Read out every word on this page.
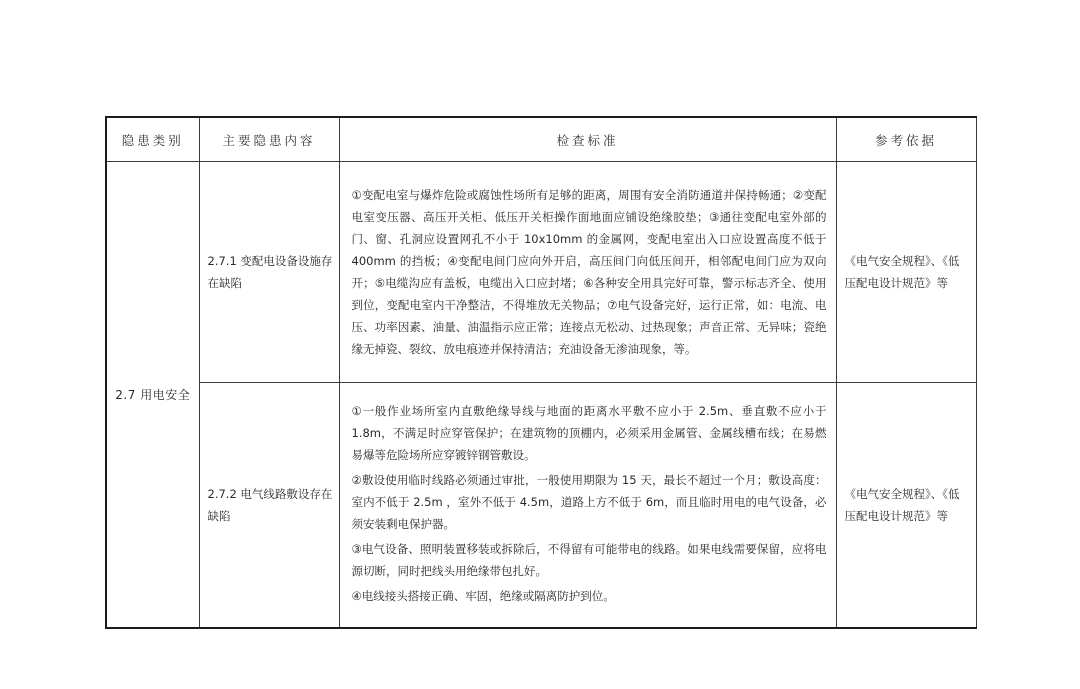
隐患类别	主要隐患内容	检查标准	参考依据
2.7 用电安全	2.7.1 变配电设备设施存在缺陷	①变配电室与爆炸危险或腐蚀性场所有足够的距离，周围有安全消防通道并保持畅通；②变配电室变压器、高压开关柜、低压开关柜操作面地面应铺设绝缘胶垫；③通往变配电室外部的门、窗、孔洞应设置网孔不小于 10x10mm 的金属网，变配电室出入口应设置高度不低于 400mm 的挡板；④变配电间门应向外开启，高压间门向低压间开，相邻配电间门应为双向开；⑤电缆沟应有盖板，电缆出入口应封堵；⑥各种安全用具完好可靠，警示标志齐全、使用到位，变配电室内干净整洁，不得堆放无关物品；⑦电气设备完好，运行正常，如：电流、电压、功率因素、油量、油温指示应正常；连接点无松动、过热现象；声音正常、无异味；瓷绝缘无掉瓷、裂纹、放电痕迹并保持清洁；充油设备无渗油现象，等。	《电气安全规程》、《低压配电设计规范》等
	2.7.2 电气线路敷设存在缺陷	①一般作业场所室内直敷绝缘导线与地面的距离水平敷不应小于 2.5m、垂直敷不应小于 1.8m，不满足时应穿管保护；在建筑物的顶棚内，必须采用金属管、金属线槽布线；在易燃易爆等危险场所应穿镀锌钢管敷设。
②敷设使用临时线路必须通过审批，一般使用期限为 15 天，最长不超过一个月；敷设高度：室内不低于 2.5m ，室外不低于 4.5m，道路上方不低于 6m，而且临时用电的电气设备，必须安装剩电保护器。
③电气设备、照明装置移装或拆除后，不得留有可能带电的线路。如果电线需要保留，应将电源切断，同时把线头用绝缘带包扎好。
④电线接头搭接正确、牢固，绝缘或隔离防护到位。	《电气安全规程》、《低压配电设计规范》等
